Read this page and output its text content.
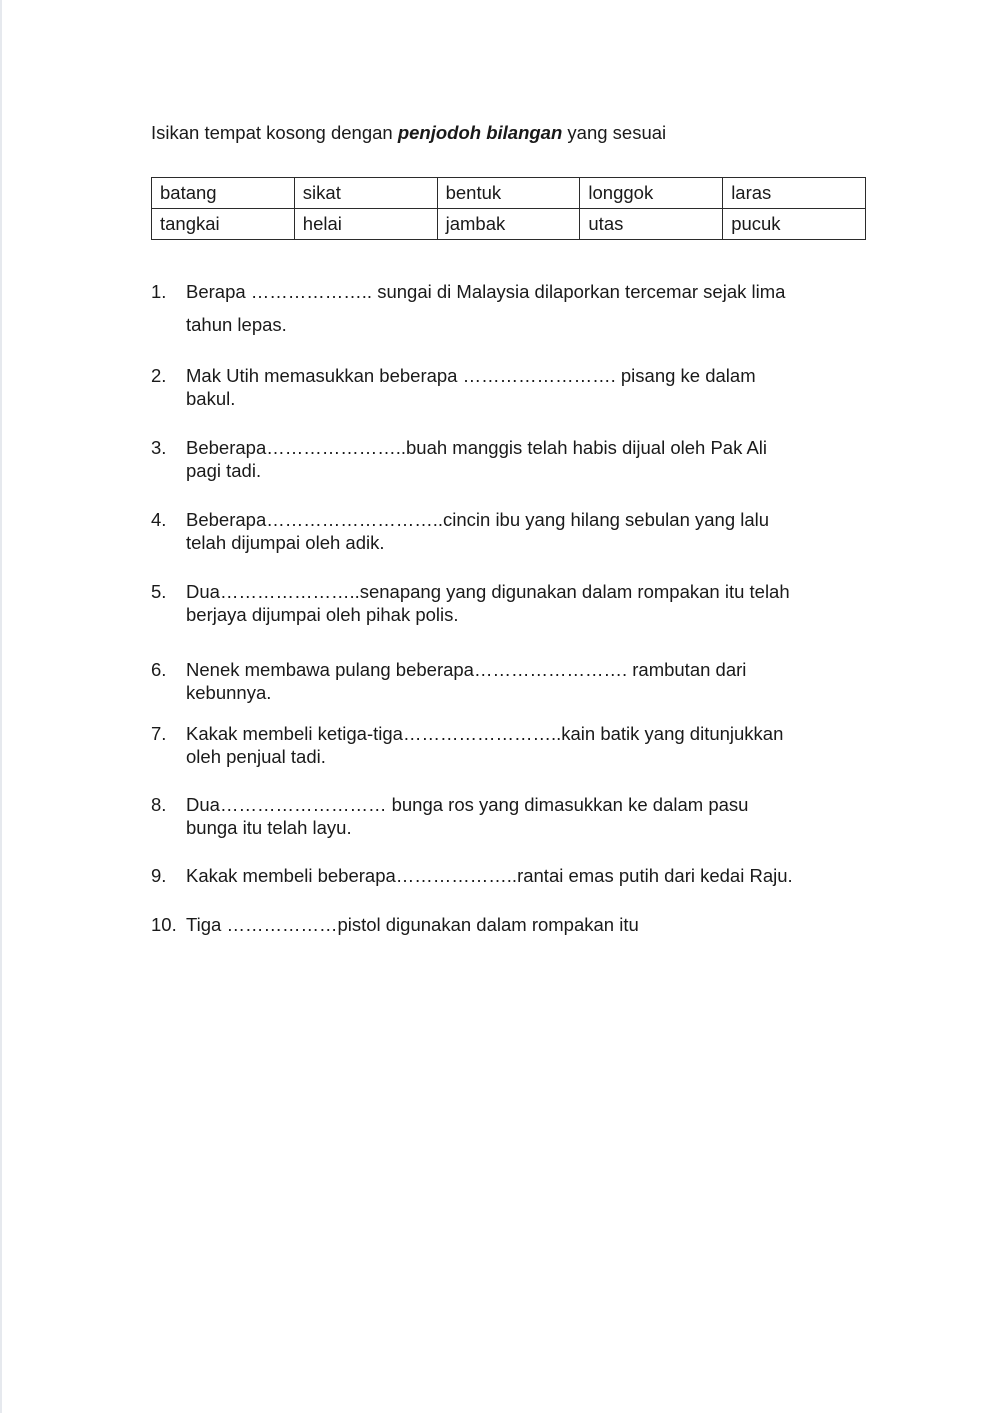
Isikan tempat kosong dengan penjodoh bilangan yang sesuai
batang	sikat	bentuk	longgok	laras
tangkai	helai	jambak	utas	pucuk
1. Berapa ……………….. sungai di Malaysia dilaporkan tercemar sejak lima
tahun lepas.
2. Mak Utih memasukkan beberapa ……………………. pisang ke dalam
bakul.
3. Beberapa…………………..buah manggis telah habis dijual oleh Pak Ali
pagi tadi.
4. Beberapa………………………..cincin ibu yang hilang sebulan yang lalu
telah dijumpai oleh adik.
5. Dua…………………..senapang yang digunakan dalam rompakan itu telah
berjaya dijumpai oleh pihak polis.
6. Nenek membawa pulang beberapa……………………. rambutan dari
kebunnya.
7. Kakak membeli ketiga-tiga……………………..kain batik yang ditunjukkan
oleh penjual tadi.
8. Dua……………………… bunga ros yang dimasukkan ke dalam pasu
bunga itu telah layu.
9. Kakak membeli beberapa………………..rantai emas putih dari kedai Raju.
10. Tiga ………………pistol digunakan dalam rompakan itu
